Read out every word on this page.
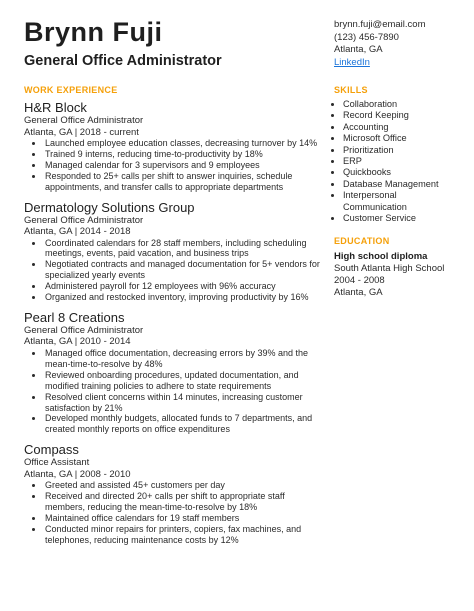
Brynn Fuji
General Office Administrator
brynn.fuji@email.com
(123) 456-7890
Atlanta, GA
LinkedIn
WORK EXPERIENCE
H&R Block
General Office Administrator
Atlanta, GA | 2018 - current
• Launched employee education classes, decreasing turnover by 14%
• Trained 9 interns, reducing time-to-productivity by 18%
• Managed calendar for 3 supervisors and 9 employees
• Responded to 25+ calls per shift to answer inquiries, schedule appointments, and transfer calls to appropriate departments
Dermatology Solutions Group
General Office Administrator
Atlanta, GA | 2014 - 2018
• Coordinated calendars for 28 staff members, including scheduling meetings, events, paid vacation, and business trips
• Negotiated contracts and managed documentation for 5+ vendors for specialized yearly events
• Administered payroll for 12 employees with 96% accuracy
• Organized and restocked inventory, improving productivity by 16%
Pearl 8 Creations
General Office Administrator
Atlanta, GA | 2010 - 2014
• Managed office documentation, decreasing errors by 39% and the mean-time-to-resolve by 48%
• Reviewed onboarding procedures, updated documentation, and modified training policies to adhere to state requirements
• Resolved client concerns within 14 minutes, increasing customer satisfaction by 21%
• Developed monthly budgets, allocated funds to 7 departments, and created monthly reports on office expenditures
Compass
Office Assistant
Atlanta, GA | 2008 - 2010
• Greeted and assisted 45+ customers per day
• Received and directed 20+ calls per shift to appropriate staff members, reducing the mean-time-to-resolve by 18%
• Maintained office calendars for 19 staff members
• Conducted minor repairs for printers, copiers, fax machines, and telephones, reducing maintenance costs by 12%
SKILLS
• Collaboration
• Record Keeping
• Accounting
• Microsoft Office
• Prioritization
• ERP
• Quickbooks
• Database Management
• Interpersonal Communication
• Customer Service
EDUCATION
High school diploma
South Atlanta High School
2004 - 2008
Atlanta, GA
